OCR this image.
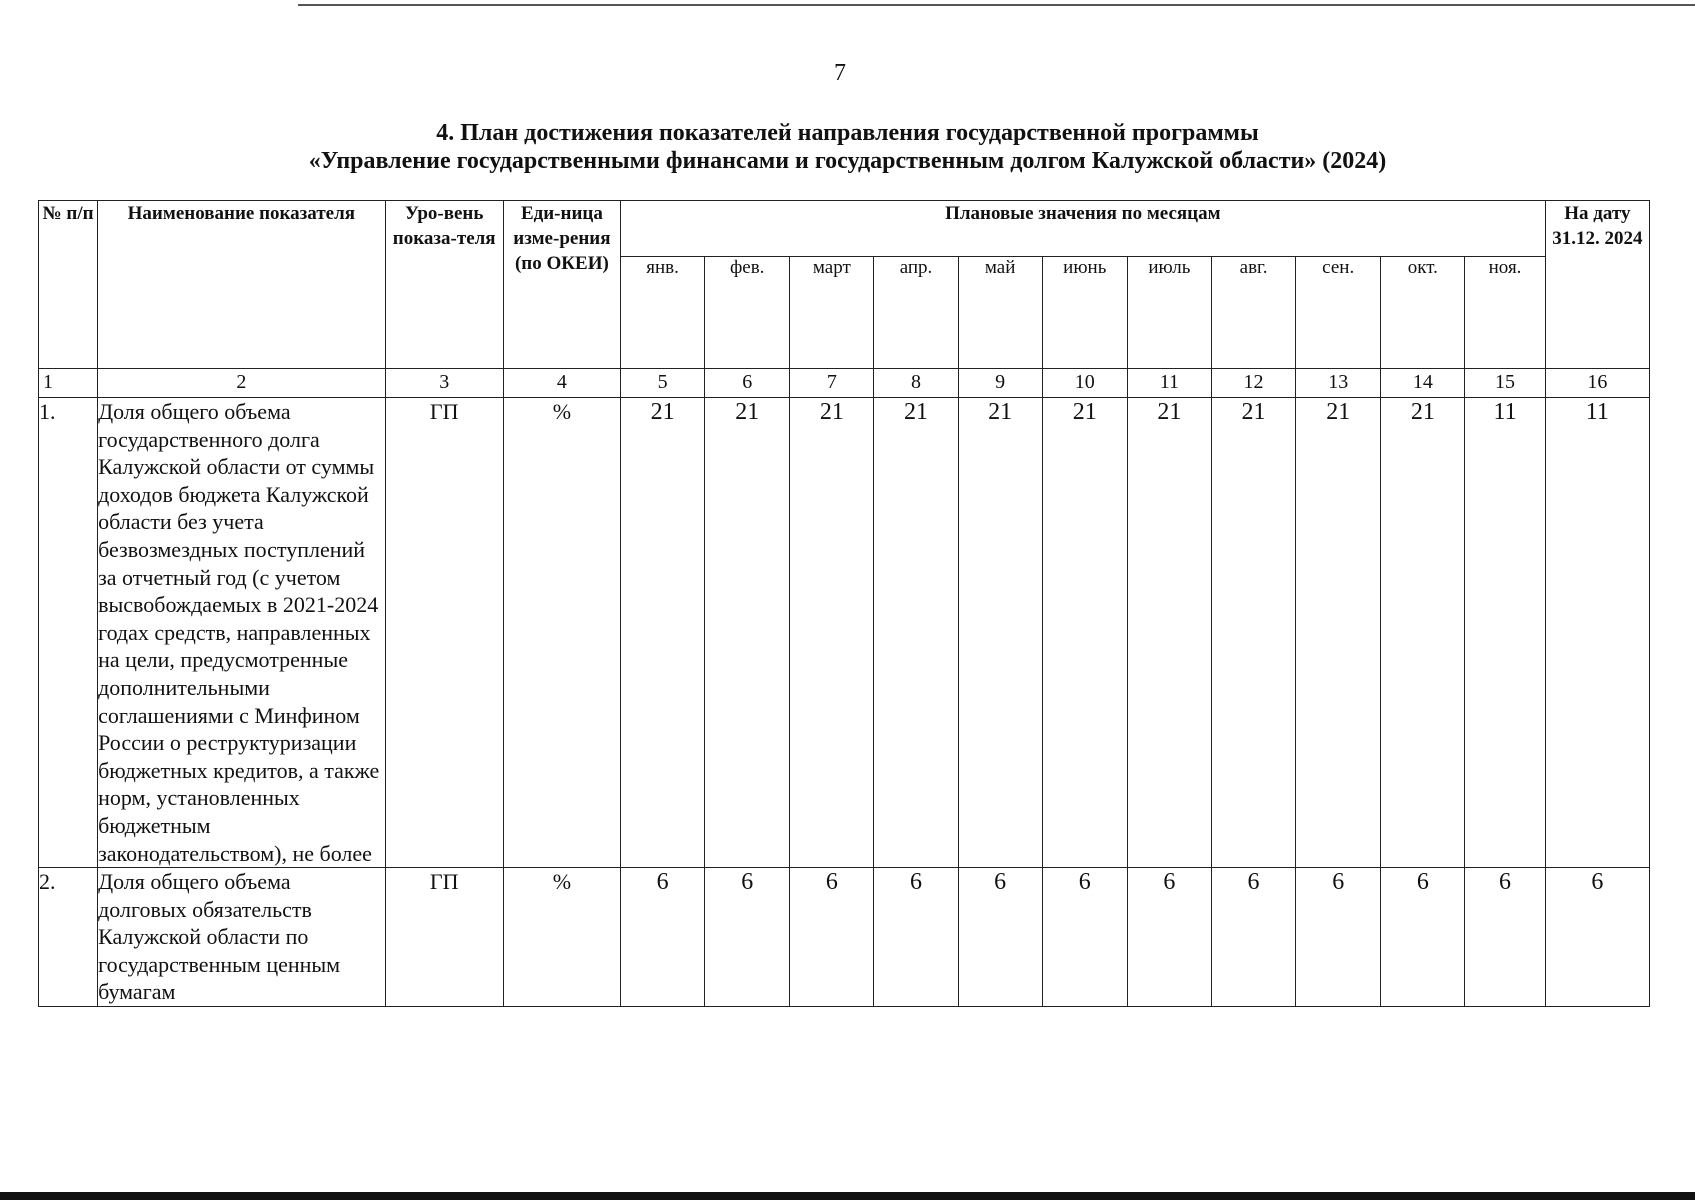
7
4. План достижения показателей направления государственной программы
«Управление государственными финансами и государственным долгом Калужской области» (2024)
№ п/п	Наименование показателя	Уро-вень показа-теля	Еди-ница изме-рения (по ОКЕИ)	Плановые значения по месяцам											На дату 31.12. 2024
				янв.	фев.	март	апр.	май	июнь	июль	авг.	сен.	окт.	ноя.	
1	2	3	4	5	6	7	8	9	10	11	12	13	14	15	16
1.	Доля общего объема государственного долга Калужской области от суммы доходов бюджета Калужской области без учета безвозмездных поступлений за отчетный год (с учетом высвобождаемых в 2021-2024 годах средств, направленных на цели, предусмотренные дополнительными соглашениями с Минфином России о реструктуризации бюджетных кредитов, а также норм, установленных бюджетным законодательством), не более	ГП	%	21	21	21	21	21	21	21	21	21	21	11	11
2.	Доля общего объема долговых обязательств Калужской области по государственным ценным бумагам	ГП	%	6	6	6	6	6	6	6	6	6	6	6	6
